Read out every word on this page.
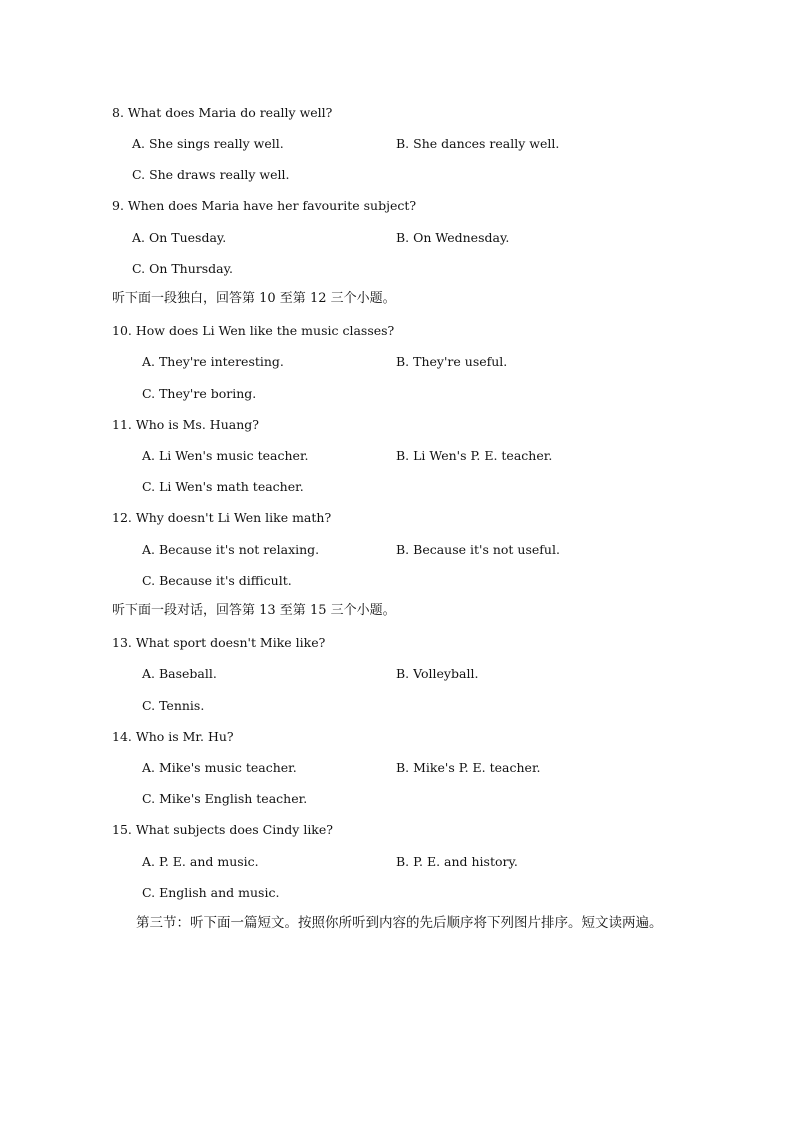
8. What does Maria do really well?
A. She sings really well.	B. She dances really well.
C. She draws really well.
9. When does Maria have her favourite subject?
A. On Tuesday.	B. On Wednesday.
C. On Thursday.
听下面一段独白，回答第 10 至第 12 三个小题。
10. How does Li Wen like the music classes?
A. They're interesting.	B. They're useful.
C. They're boring.
11. Who is Ms. Huang?
A. Li Wen's music teacher.	B. Li Wen's P. E. teacher.
C. Li Wen's math teacher.
12. Why doesn't Li Wen like math?
A. Because it's not relaxing.	B. Because it's not useful.
C. Because it's difficult.
听下面一段对话，回答第 13 至第 15 三个小题。
13. What sport doesn't Mike like?
A. Baseball.	B. Volleyball.
C. Tennis.
14. Who is Mr. Hu?
A. Mike's music teacher.	B. Mike's P. E. teacher.
C. Mike's English teacher.
15. What subjects does Cindy like?
A. P. E. and music.	B. P. E. and history.
C. English and music.
第三节：听下面一篇短文。按照你所听到内容的先后顺序将下列图片排序。短文读两遍。
